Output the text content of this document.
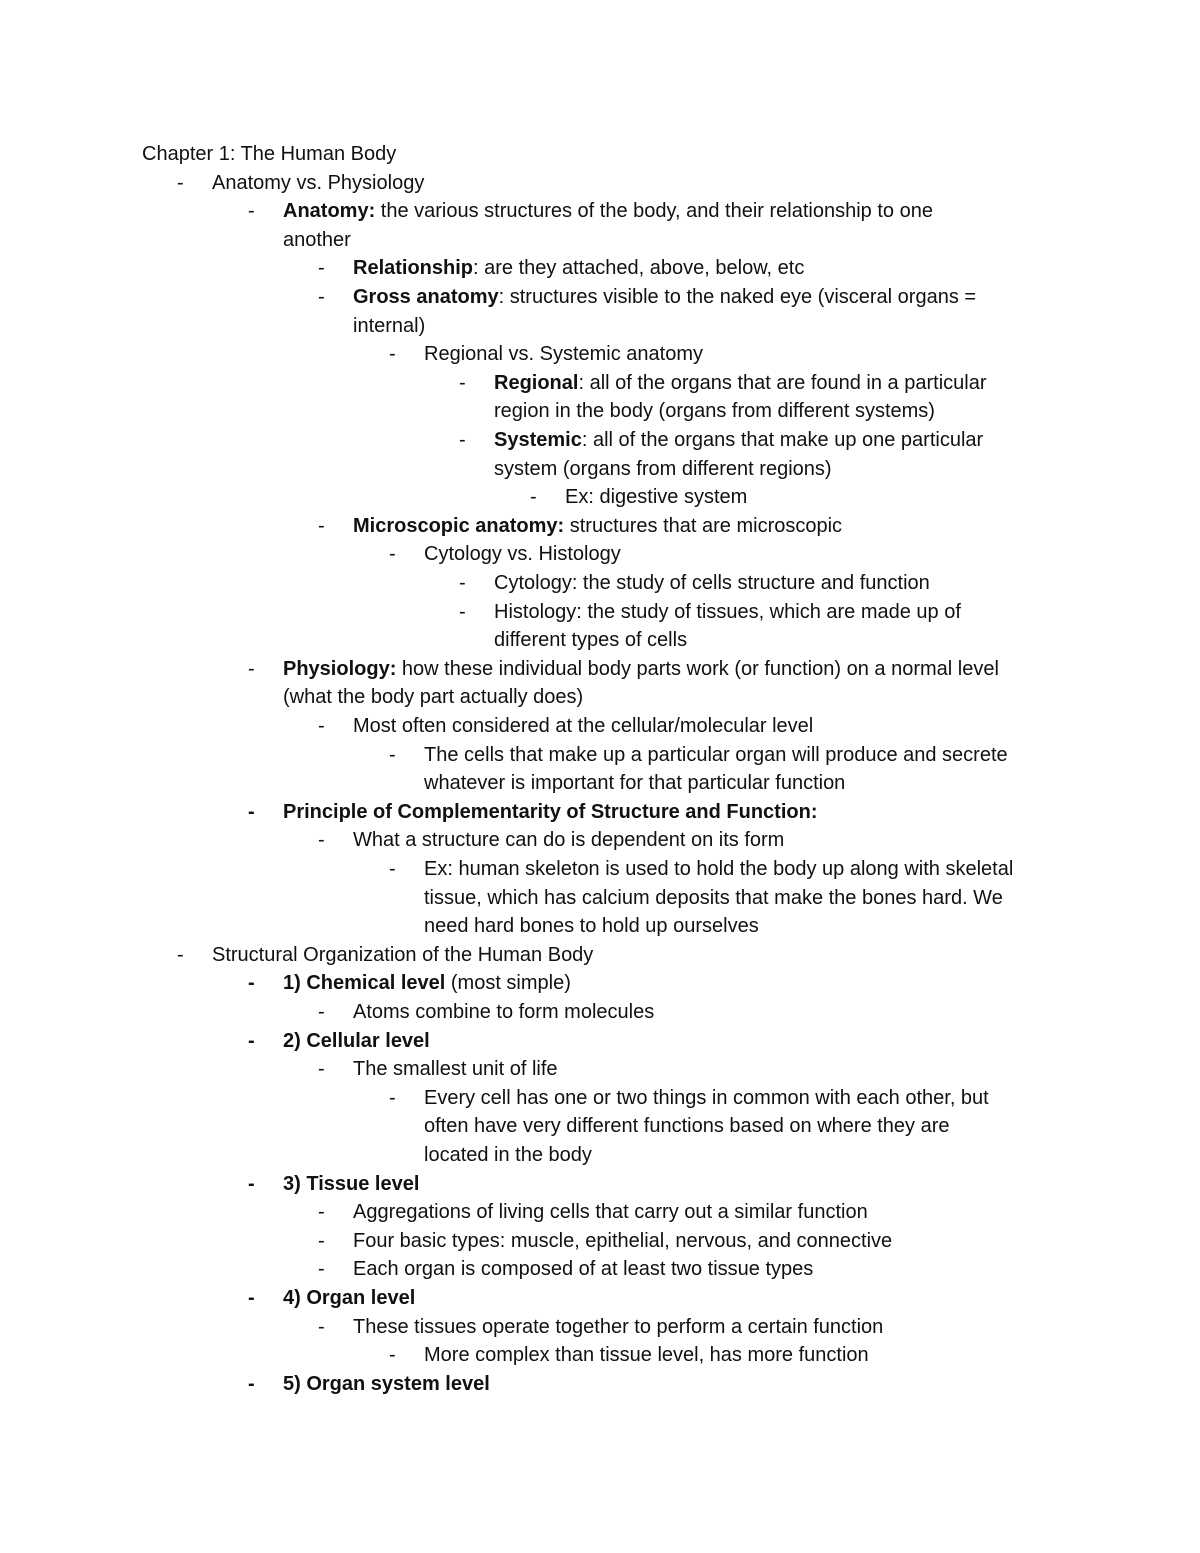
Chapter 1: The Human Body
- Anatomy vs. Physiology
- Anatomy: the various structures of the body, and their relationship to one
another
- Relationship: are they attached, above, below, etc
- Gross anatomy: structures visible to the naked eye (visceral organs =
internal)
- Regional vs. Systemic anatomy
- Regional: all of the organs that are found in a particular
region in the body (organs from different systems)
- Systemic: all of the organs that make up one particular
system (organs from different regions)
- Ex: digestive system
- Microscopic anatomy: structures that are microscopic
- Cytology vs. Histology
- Cytology: the study of cells structure and function
- Histology: the study of tissues, which are made up of
different types of cells
- Physiology: how these individual body parts work (or function) on a normal level
(what the body part actually does)
- Most often considered at the cellular/molecular level
- The cells that make up a particular organ will produce and secrete
whatever is important for that particular function
- Principle of Complementarity of Structure and Function:
- What a structure can do is dependent on its form
- Ex: human skeleton is used to hold the body up along with skeletal
tissue, which has calcium deposits that make the bones hard. We
need hard bones to hold up ourselves
- Structural Organization of the Human Body
- 1) Chemical level (most simple)
- Atoms combine to form molecules
- 2) Cellular level
- The smallest unit of life
- Every cell has one or two things in common with each other, but
often have very different functions based on where they are
located in the body
- 3) Tissue level
- Aggregations of living cells that carry out a similar function
- Four basic types: muscle, epithelial, nervous, and connective
- Each organ is composed of at least two tissue types
- 4) Organ level
- These tissues operate together to perform a certain function
- More complex than tissue level, has more function
- 5) Organ system level
